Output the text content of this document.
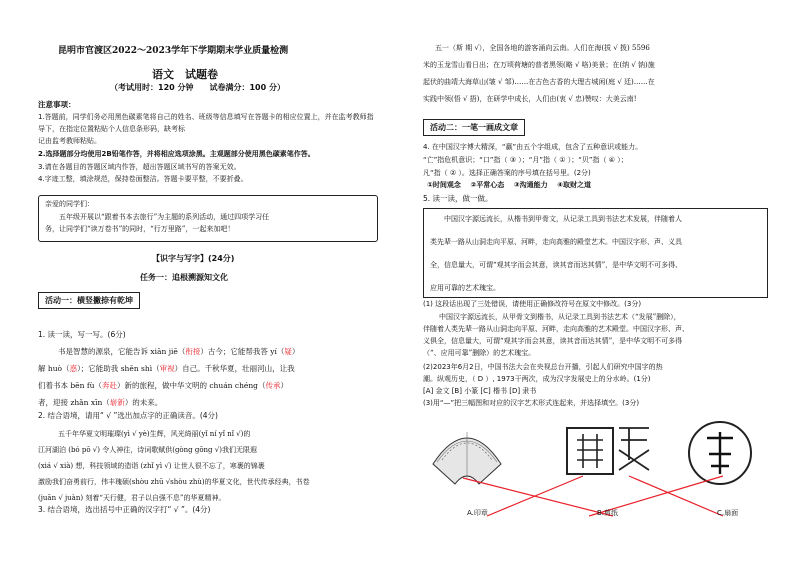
昆明市官渡区2022～2023学年下学期期末学业质量检测
语文　试题卷
（考试用时：120 分钟　　试卷满分：100 分）
注意事项：
1.答题前，同学们务必用黑色碳素笔将自己的姓名、班级等信息填写在答题卡的相应位置上，并在监考教师指
导下，在指定位置粘贴个人信息条形码，缺考标
记由监考教师粘贴。
2.选择题部分均使用2B铅笔作答，并将相应选项涂黑。主观题部分使用黑色碳素笔作答。
3.请在各题目的答题区域内作答，超出答题区域书写的答案无效。
4.字迹工整，填涂规范，保持卷面整洁。答题卡要平整，不要折叠。
亲爱的同学们：
五年级开展以“跟着书本去旅行”为主题的系列活动，通过四项学习任
务，让同学们“读万卷书”的同时，“行万里路”，一起来加吧！
【识字与写字】(24分)
任务一：追根溯源知文化
活动一：横竖撇捺有乾坤
1. 读一读，写一写。(6分)
书是智慧的源泉，它能告诉 xiān jiē（衔接）古今；它能帮我答 yí（疑）
解 huò（惑）；它能助我 shěn shì（审视）自己。千秋华夏，壮丽河山，让我
们着书本 bēn fù（奔赴）新的旅程，做中华文明的 chuán chéng（传承）
者，迎接 zhǎn xīn（崭新）的未来。
2. 结合语境，请用“ √ ”选出加点字的正确读音。(4分)
五千年华夏文明璀璨(yì √ yè)生辉，风光绮丽(yǐ ní yǐ nǐ √)的
江河湖泊 (bó pō √) 令人神往，诗词歌赋供(gòng gōng √)我们无限遐
(xiá √ xià) 想，科技领域的造诣 (zhǐ yì √) 让世人很不忘了，寒裹的锦裹
激励我们奋勇前行，伟丰瑰硕(shòu zhū √shòu zhù)的华夏文化，世代传承经典，书卷
(juān √ juàn) 刻着“天行健，君子以自强不息”的华夏精神。
3. 结合语境，选出括号中正确的汉字打“ √ ”。(4分)
五一（斯 期 √），全国各地的游客涌向云南。人们在海(拔 √ 拨) 5596
米的玉龙雪山看日出；在万顷荷塘的普者黑领(略 √ 咯)美景；在(纳 √ 钠)施
起伏的曲靖大海草山(皱 √ 邹)……在古色古香的大理古城闲(庭 √ 廷)……在
实践中领(悟 √ 捂)，在研学中成长，人们由(衷 √ 忠)赞叹：大美云南!
活动二：一笔一画成文章
4. 在中国汉字博大精深，“赢”由五个字组成，包含了五种意识或能力。
“亡”指危机意识；“口”指（ ③ ）；“月”指（ ① ）；“贝”指（ ④ ）；
凡“指（ ② ）。选择正确答案的序号填在括号里。(2分)
①时间观念　 ②平常心态　 ③沟通能力　 ④取财之道
5. 读一读，做一做。
中国汉字源远流长，从楷书到甲骨文，从记录工具到书法艺术发展，伴随着人
类先辈一路从山洞走向平原、河畔，走向高雅的殿堂艺术。中国汉字形、声、义具
全，信息量大，可谓“观其字而会其意，读其音而达其情”，是中华文明不可多得、
应用可靠的艺术瑰宝。
(1) 这段话出现了三处错误，请使用正确修改符号在原文中修改。(3分)
中国汉字源远流长，从甲骨文到楷书，从记录工具到书法艺术（“发展”删除），
伴随着人类先辈一路从山洞走向平原、河畔，走向高雅的艺术殿堂。中国汉字形、声、
义俱全，信息量大，可谓“观其字而会其意，读其音而达其情”，是中华文明不可多得
（“、应用可靠”删除）的艺术瑰宝。
(2)2023年6月2日，中国书法大会在央视总台开播，引起人们研究中国字的热
潮。纵观历史，（ D ）, 1973干两次，成为汉字发展史上的分水岭。(1分)
[A] 金文 [B] 小篆 [C] 楷书 [D] 隶书
(3)用“—”把三幅图和对应的汉字艺术形式连起来，并选择填空。(3分)
A.印章	B.剪纸	C.扇面
